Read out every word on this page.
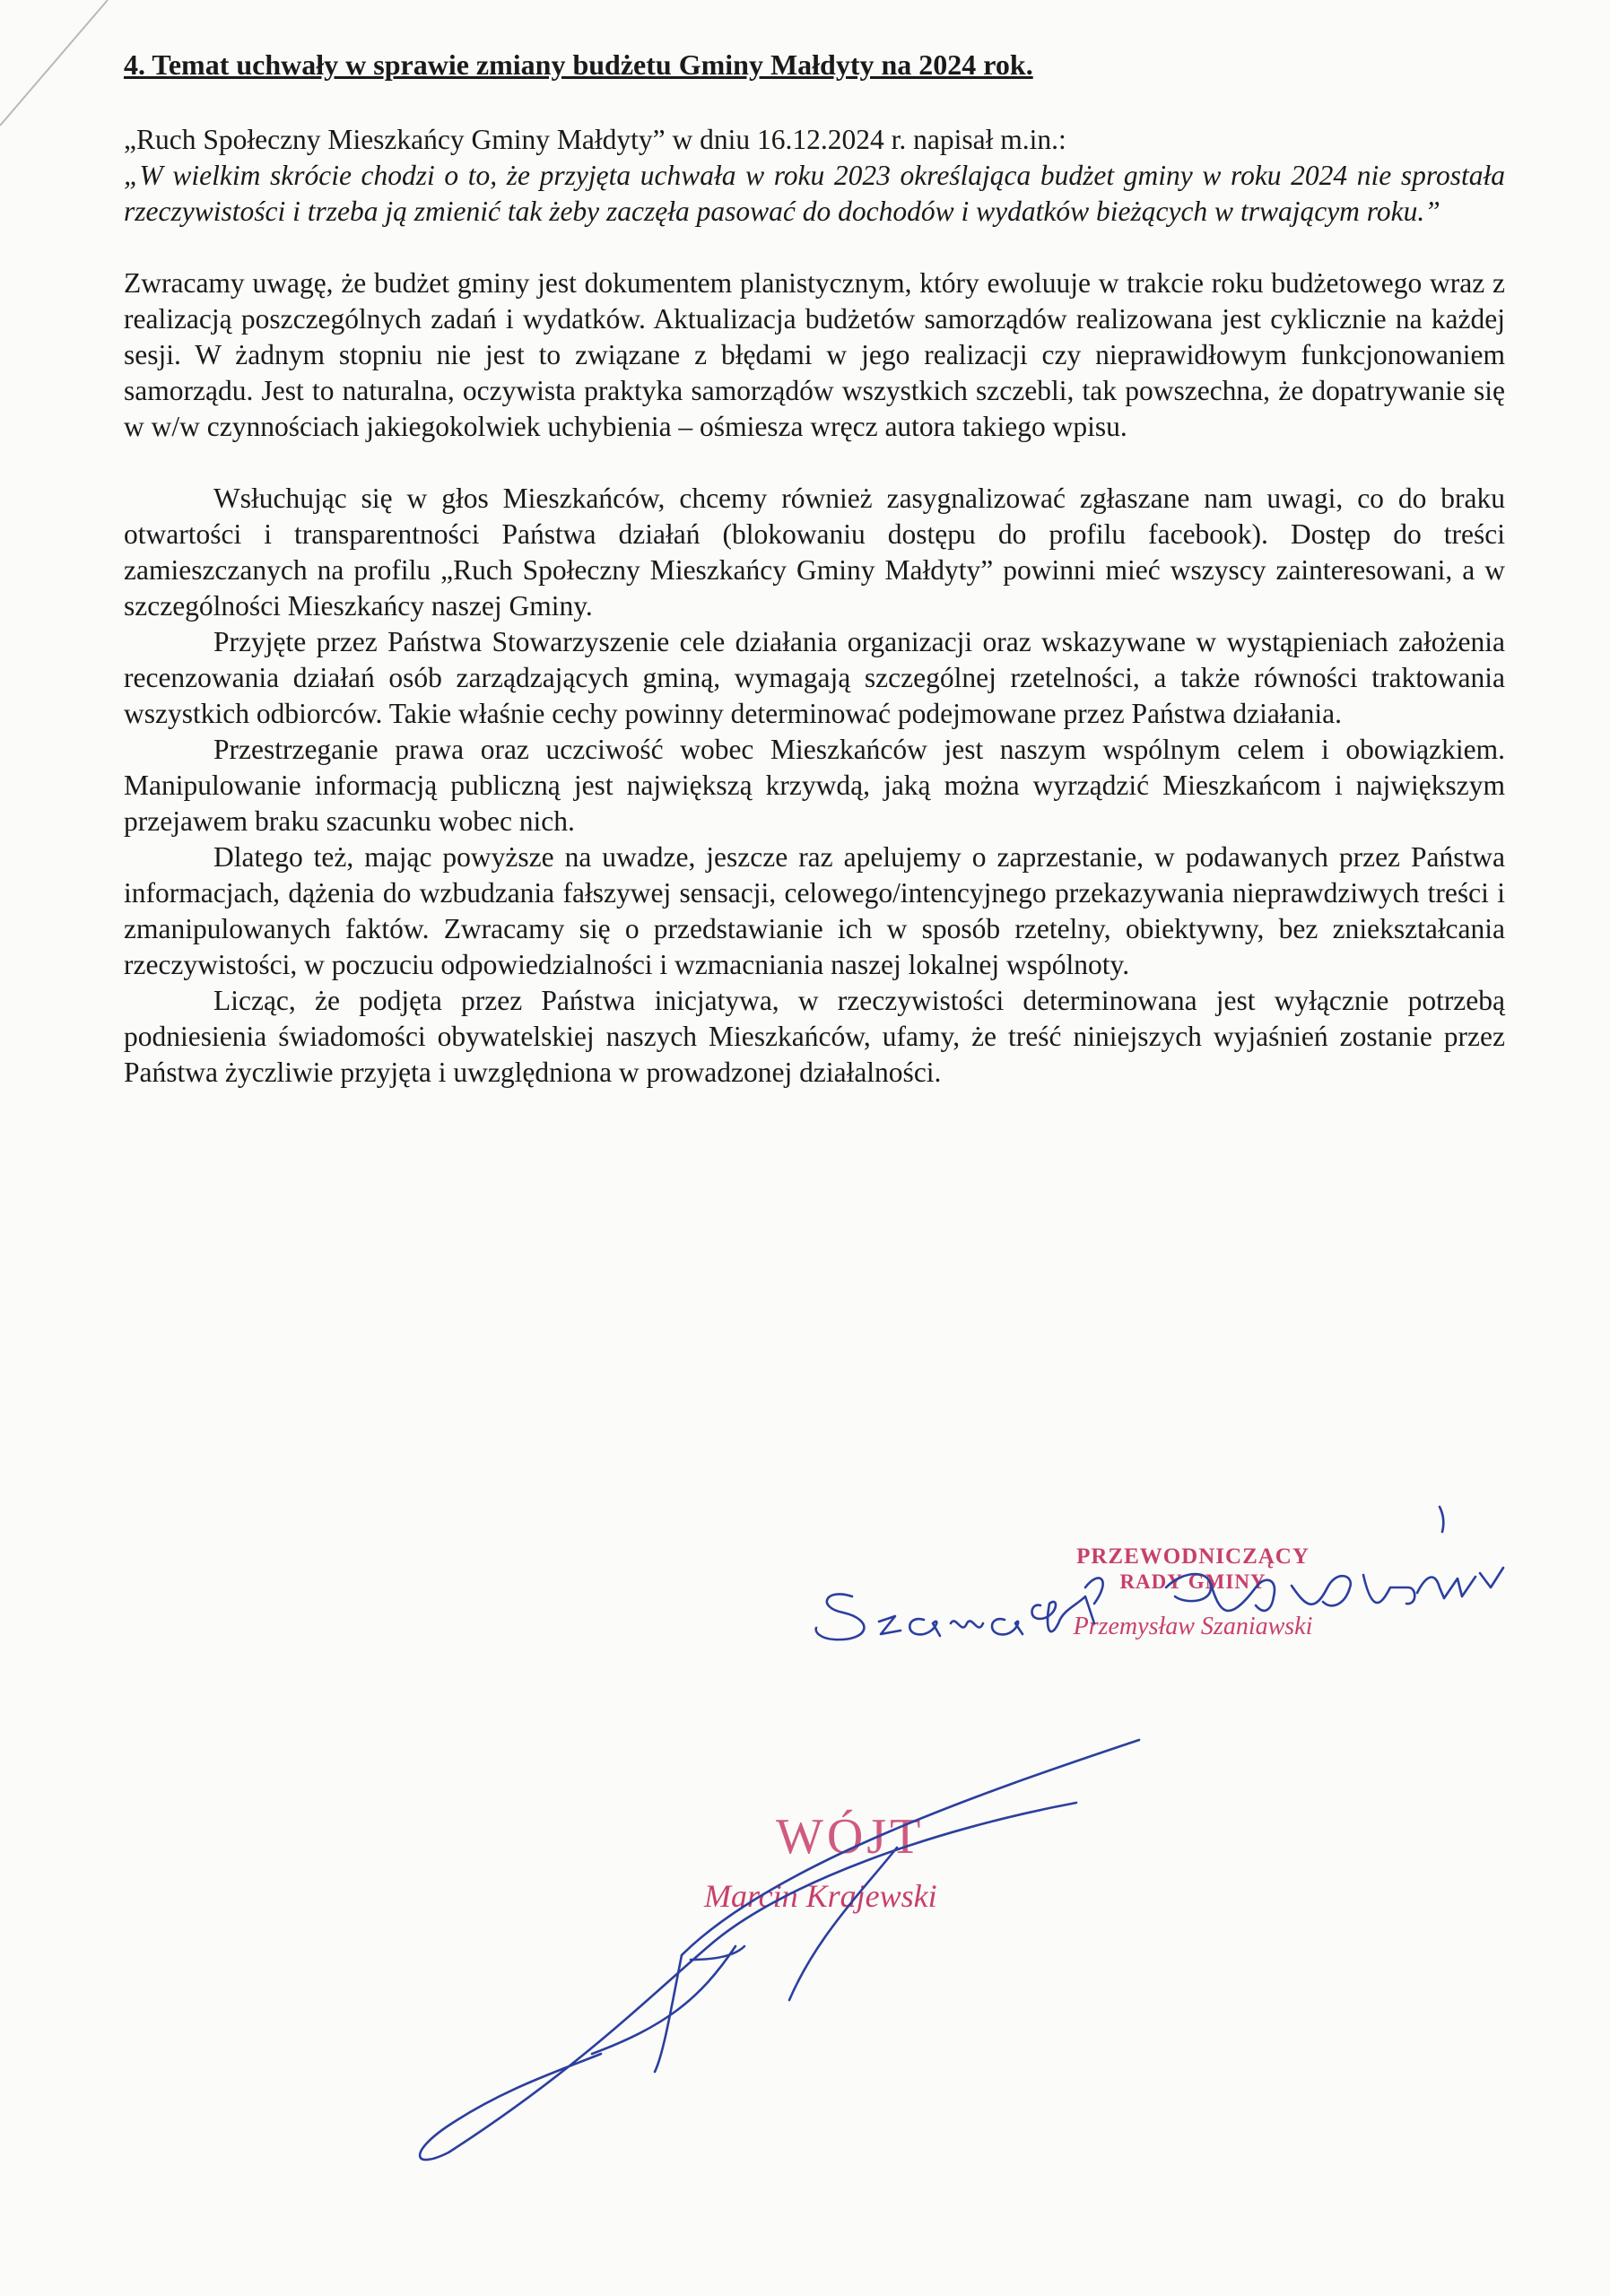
4. Temat uchwały w sprawie zmiany budżetu Gminy Małdyty na 2024 rok.

„Ruch Społeczny Mieszkańcy Gminy Małdyty” w dniu 16.12.2024 r. napisał m.in.:

„W wielkim skrócie chodzi o to, że przyjęta uchwała w roku 2023 określająca budżet gminy w roku 2024 nie sprostała rzeczywistości i trzeba ją zmienić tak żeby zaczęła pasować do dochodów i wydatków bieżących w trwającym roku.”

Zwracamy uwagę, że budżet gminy jest dokumentem planistycznym, który ewoluuje w trakcie roku budżetowego wraz z realizacją poszczególnych zadań i wydatków. Aktualizacja budżetów samorządów realizowana jest cyklicznie na każdej sesji. W żadnym stopniu nie jest to związane z błędami w jego realizacji czy nieprawidłowym funkcjonowaniem samorządu. Jest to naturalna, oczywista praktyka samorządów wszystkich szczebli, tak powszechna, że dopatrywanie się w w/w czynnościach jakiegokolwiek uchybienia – ośmiesza wręcz autora takiego wpisu.

Wsłuchując się w głos Mieszkańców, chcemy również zasygnalizować zgłaszane nam uwagi, co do braku otwartości i transparentności Państwa działań (blokowaniu dostępu do profilu facebook). Dostęp do treści zamieszczanych na profilu „Ruch Społeczny Mieszkańcy Gminy Małdyty” powinni mieć wszyscy zainteresowani, a w szczególności Mieszkańcy naszej Gminy.

Przyjęte przez Państwa Stowarzyszenie cele działania organizacji oraz wskazywane w wystąpieniach założenia recenzowania działań osób zarządzających gminą, wymagają szczególnej rzetelności, a także równości traktowania wszystkich odbiorców. Takie właśnie cechy powinny determinować podejmowane przez Państwa działania.

Przestrzeganie prawa oraz uczciwość wobec Mieszkańców jest naszym wspólnym celem i obowiązkiem. Manipulowanie informacją publiczną jest największą krzywdą, jaką można wyrządzić Mieszkańcom i największym przejawem braku szacunku wobec nich.

Dlatego też, mając powyższe na uwadze, jeszcze raz apelujemy o zaprzestanie, w podawanych przez Państwa informacjach, dążenia do wzbudzania fałszywej sensacji, celowego/intencyjnego przekazywania nieprawdziwych treści i zmanipulowanych faktów. Zwracamy się o przedstawianie ich w sposób rzetelny, obiektywny, bez zniekształcania rzeczywistości, w poczuciu odpowiedzialności i wzmacniania naszej lokalnej wspólnoty.

Licząc, że podjęta przez Państwa inicjatywa, w rzeczywistości determinowana jest wyłącznie potrzebą podniesienia świadomości obywatelskiej naszych Mieszkańców, ufamy, że treść niniejszych wyjaśnień zostanie przez Państwa życzliwie przyjęta i uwzględniona w prowadzonej działalności.

PRZEWODNICZĄCY
RADY GMINY
Przemysław Szaniawski
WÓJT
Marcin Krajewski
